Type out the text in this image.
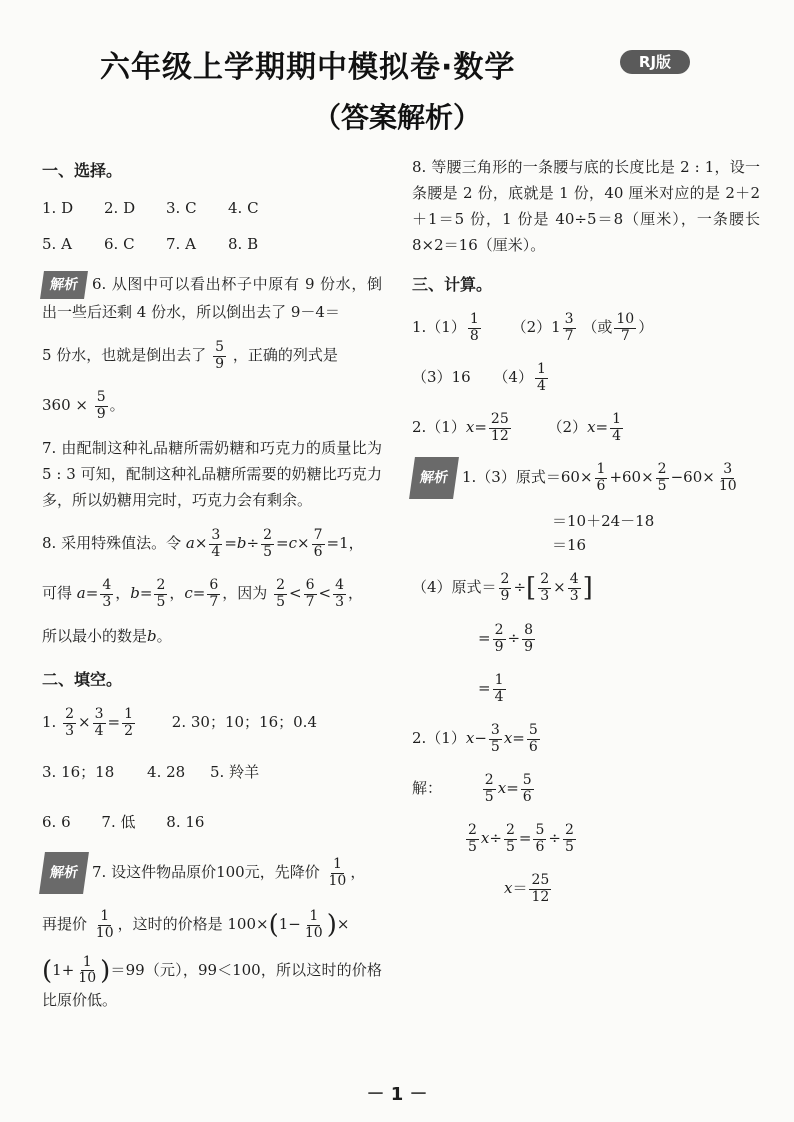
六年级上学期期中模拟卷·数学	RJ版
（答案解析）
一、选择。
1. D	2. D	3. C	4. C
5. A	6. C	7. A	8. B
解析 6. 从图中可以看出杯子中原有 9 份水，倒出一些后还剩 4 份水，所以倒出去了 9－4＝
5 份水，也就是倒出去了 $\frac{5}{9}$ ，正确的列式是
$360 \times \frac{5}{9}$ 。
7. 由配制这种礼品糖所需奶糖和巧克力的质量比为 5 : 3 可知，配制这种礼品糖所需要的奶糖比巧克力多，所以奶糖用完时，巧克力会有剩余。
8. 采用特殊值法。令 $a\times \frac{3}{4} =b\div \frac{2}{5} =c\times \frac{7}{6} =1$，
可得 $a= \frac{4}{3}$ ，$b= \frac{2}{5}$ ，$c= \frac{6}{7}$ ，因为 $\frac{2}{5} < \frac{6}{7} < \frac{4}{3}$ ，
所以最小的数是b。
二、填空。
1. $\frac{2}{3} \times \frac{3}{4} = \frac{1}{2} 2$. 30；10；16；0.4
3. 16；18 4. 28 5. 羚羊
6. 6 7. 低 8. 16
解析 7. 设这件物品原价100元，先降价 $\frac{1}{10}$ ，
再提价 $\frac{1}{10}$ ，这时的价格是 $100\times(1- \frac{1}{10}$ )×
$(1+ \frac{1}{10} )=99$（元），99＜100，所以这时的价格比原价低。
8. 等腰三角形的一条腰与底的长度比是 2 : 1，设一条腰是 2 份，底就是 1 份，40 厘米对应的是 2＋2＋1＝5 份，1 份是 40÷5＝8（厘米），一条腰长 8×2＝16（厘米）。
三、计算。
$1.(1) \frac{1}{8} (2)1 \frac{3}{7}$ （或 $\frac{10}{7}$ ）
（3）16 $(4) \frac{1}{4}$
$2.(1)x= \frac{25}{12} (2)x= \frac{1}{4}$
解析 1.（3）原式$=60\times \frac{1}{6} +60\times \frac{2}{5} -60\times \frac{3}{10}$
＝10＋24－18
＝16
（4）原式＝ $\frac{2}{9}$ ÷[ $\frac{2}{3} \times \frac{4}{3}$ ]
= $\frac{2}{9} \div \frac{8}{9}$
= $\frac{1}{4}$
$2.(1)x- \frac{3}{5} x= \frac{5}{6}$
解：	$\frac{2}{5} x= \frac{5}{6}$
$\frac{2}{5} x\div \frac{2}{5} = \frac{5}{6} \div \frac{2}{5}$
$x= \frac{25}{12}$
－ 1 －
